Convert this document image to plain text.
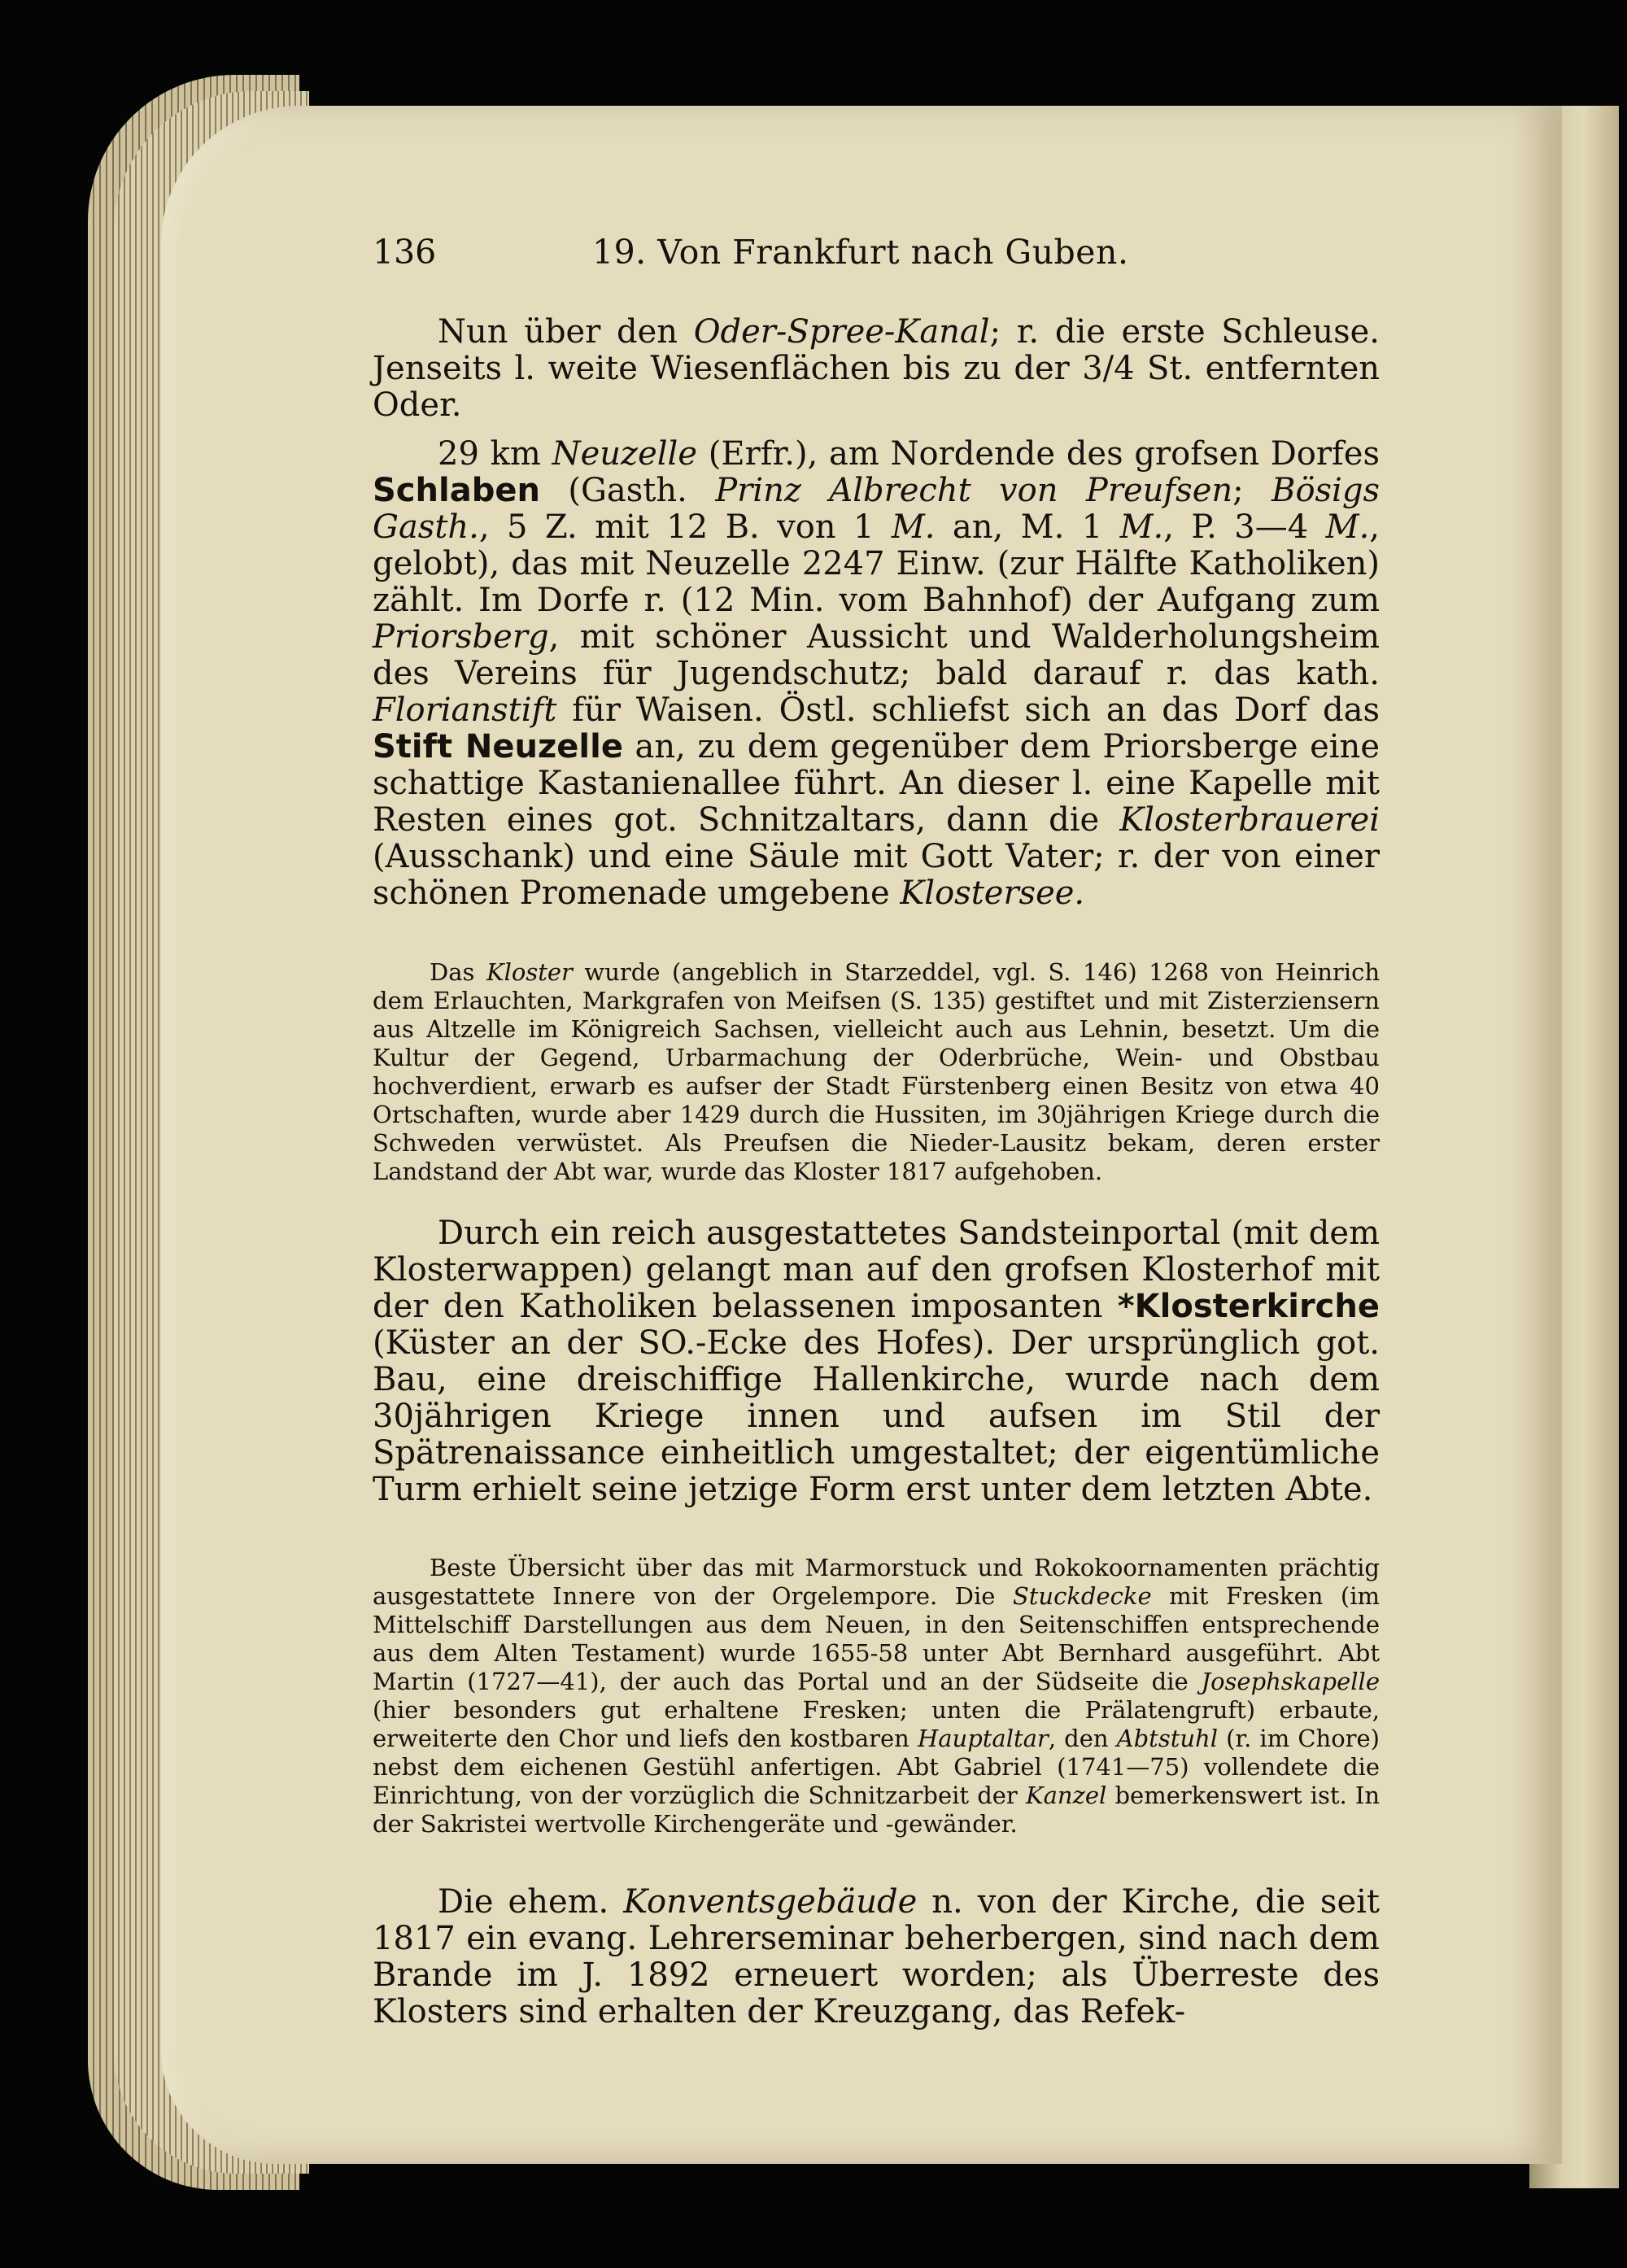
136	19. Von Frankfurt nach Guben.

Nun über den Oder-Spree-Kanal; r. die erste Schleuse. Jenseits l. weite Wiesenflächen bis zu der 3/4 St. entfernten Oder.

29 km Neuzelle (Erfr.), am Nordende des grofsen Dorfes Schlaben (Gasth. Prinz Albrecht von Preufsen; Bösigs Gasth., 5 Z. mit 12 B. von 1 M. an, M. 1 M., P. 3—4 M., gelobt), das mit Neuzelle 2247 Einw. (zur Hälfte Katholiken) zählt. Im Dorfe r. (12 Min. vom Bahnhof) der Aufgang zum Priorsberg, mit schöner Aussicht und Walderholungsheim des Vereins für Jugendschutz; bald darauf r. das kath. Florianstift für Waisen. Östl. schliefst sich an das Dorf das Stift Neuzelle an, zu dem gegenüber dem Priorsberge eine schattige Kastanienallee führt. An dieser l. eine Kapelle mit Resten eines got. Schnitzaltars, dann die Klosterbrauerei (Ausschank) und eine Säule mit Gott Vater; r. der von einer schönen Promenade umgebene Klostersee.

Das Kloster wurde (angeblich in Starzeddel, vgl. S. 146) 1268 von Heinrich dem Erlauchten, Markgrafen von Meifsen (S. 135) gestiftet und mit Zisterziensern aus Altzelle im Königreich Sachsen, vielleicht auch aus Lehnin, besetzt. Um die Kultur der Gegend, Urbarmachung der Oderbrüche, Wein- und Obstbau hochverdient, erwarb es aufser der Stadt Fürstenberg einen Besitz von etwa 40 Ortschaften, wurde aber 1429 durch die Hussiten, im 30jährigen Kriege durch die Schweden verwüstet. Als Preufsen die Nieder-Lausitz bekam, deren erster Landstand der Abt war, wurde das Kloster 1817 aufgehoben.

Durch ein reich ausgestattetes Sandsteinportal (mit dem Klosterwappen) gelangt man auf den grofsen Klosterhof mit der den Katholiken belassenen imposanten *Klosterkirche (Küster an der SO.-Ecke des Hofes). Der ursprünglich got. Bau, eine dreischiffige Hallenkirche, wurde nach dem 30jährigen Kriege innen und aufsen im Stil der Spätrenaissance einheitlich umgestaltet; der eigentümliche Turm erhielt seine jetzige Form erst unter dem letzten Abte.

Beste Übersicht über das mit Marmorstuck und Rokokoornamenten prächtig ausgestattete Innere von der Orgelempore. Die Stuckdecke mit Fresken (im Mittelschiff Darstellungen aus dem Neuen, in den Seitenschiffen entsprechende aus dem Alten Testament) wurde 1655-58 unter Abt Bernhard ausgeführt. Abt Martin (1727—41), der auch das Portal und an der Südseite die Josephskapelle (hier besonders gut erhaltene Fresken; unten die Prälatengruft) erbaute, erweiterte den Chor und liefs den kostbaren Hauptaltar, den Abtstuhl (r. im Chore) nebst dem eichenen Gestühl anfertigen. Abt Gabriel (1741—75) vollendete die Einrichtung, von der vorzüglich die Schnitzarbeit der Kanzel bemerkenswert ist. In der Sakristei wertvolle Kirchengeräte und -gewänder.

Die ehem. Konventsgebäude n. von der Kirche, die seit 1817 ein evang. Lehrerseminar beherbergen, sind nach dem Brande im J. 1892 erneuert worden; als Überreste des Klosters sind erhalten der Kreuzgang, das Refek-
